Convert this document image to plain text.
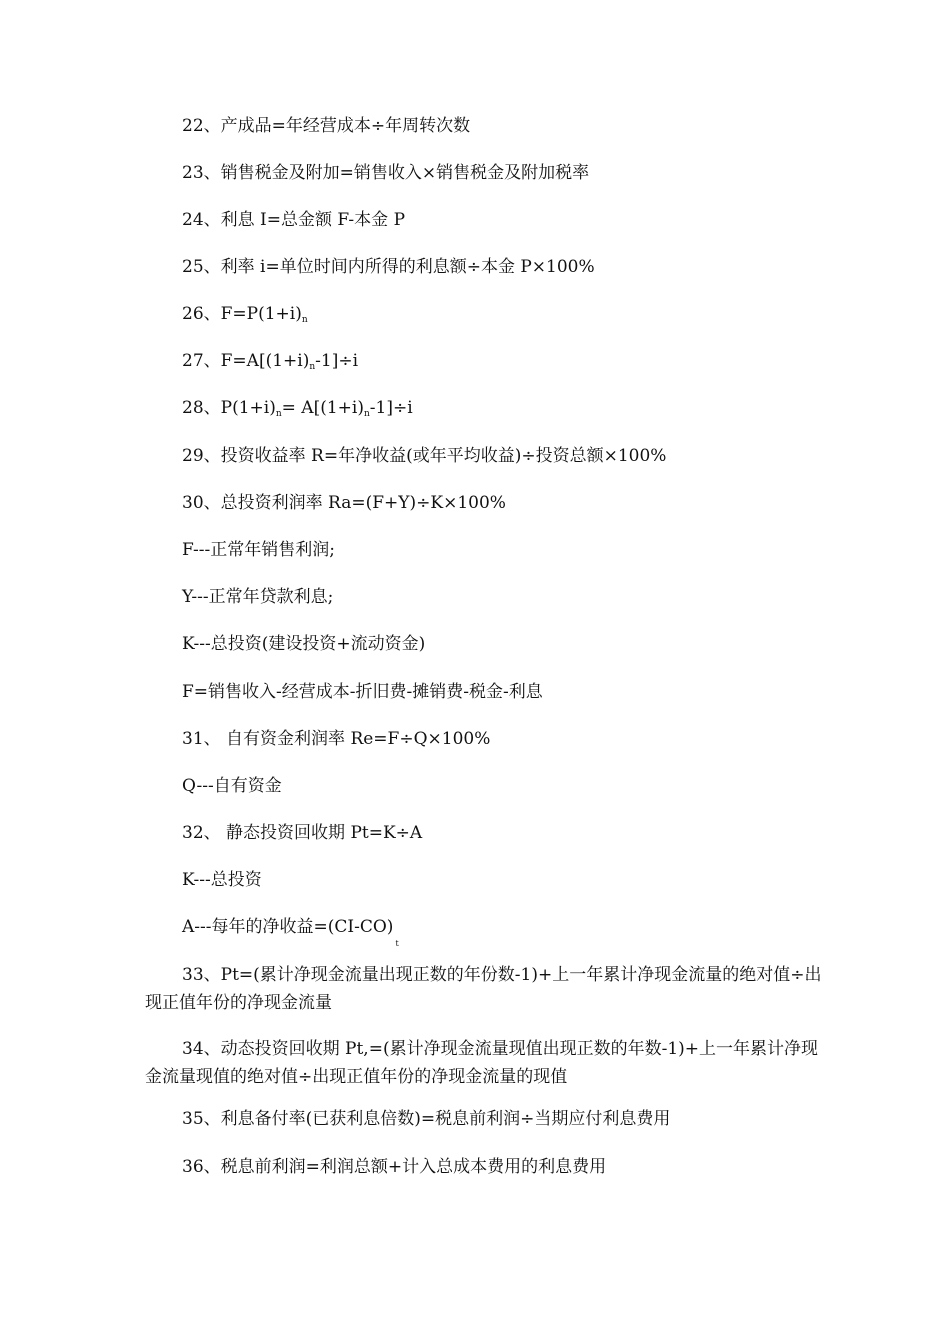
22、产成品=年经营成本÷年周转次数
23、销售税金及附加=销售收入×销售税金及附加税率
24、利息 I=总金额 F-本金 P
25、利率 i=单位时间内所得的利息额÷本金 P×100%
26、$F=P(1+i)_n$
27、$F=A[(1+i)_n-1]\div i$
28、$P(1+i)_n= A[(1+i)_n-1]\div i$
29、投资收益率 R=年净收益(或年平均收益)÷投资总额×100%
30、总投资利润率 Ra=(F+Y)÷K×100%
F---正常年销售利润;
Y---正常年贷款利息;
K---总投资(建设投资+流动资金)
F=销售收入-经营成本-折旧费-摊销费-税金-利息
31、 自有资金利润率 Re=F÷Q×100%
Q---自有资金
32、 静态投资回收期 Pt=K÷A
K---总投资
A---每年的净收益$=(CI-CO)_t$
33、Pt=(累计净现金流量出现正数的年份数-1)+上一年累计净现金流量的绝对值÷出现正值年份的净现金流量
34、动态投资回收期 Pt,=(累计净现金流量现值出现正数的年数-1)+上一年累计净现金流量现值的绝对值÷出现正值年份的净现金流量的现值
35、利息备付率(已获利息倍数)=税息前利润÷当期应付利息费用
36、税息前利润=利润总额+计入总成本费用的利息费用
